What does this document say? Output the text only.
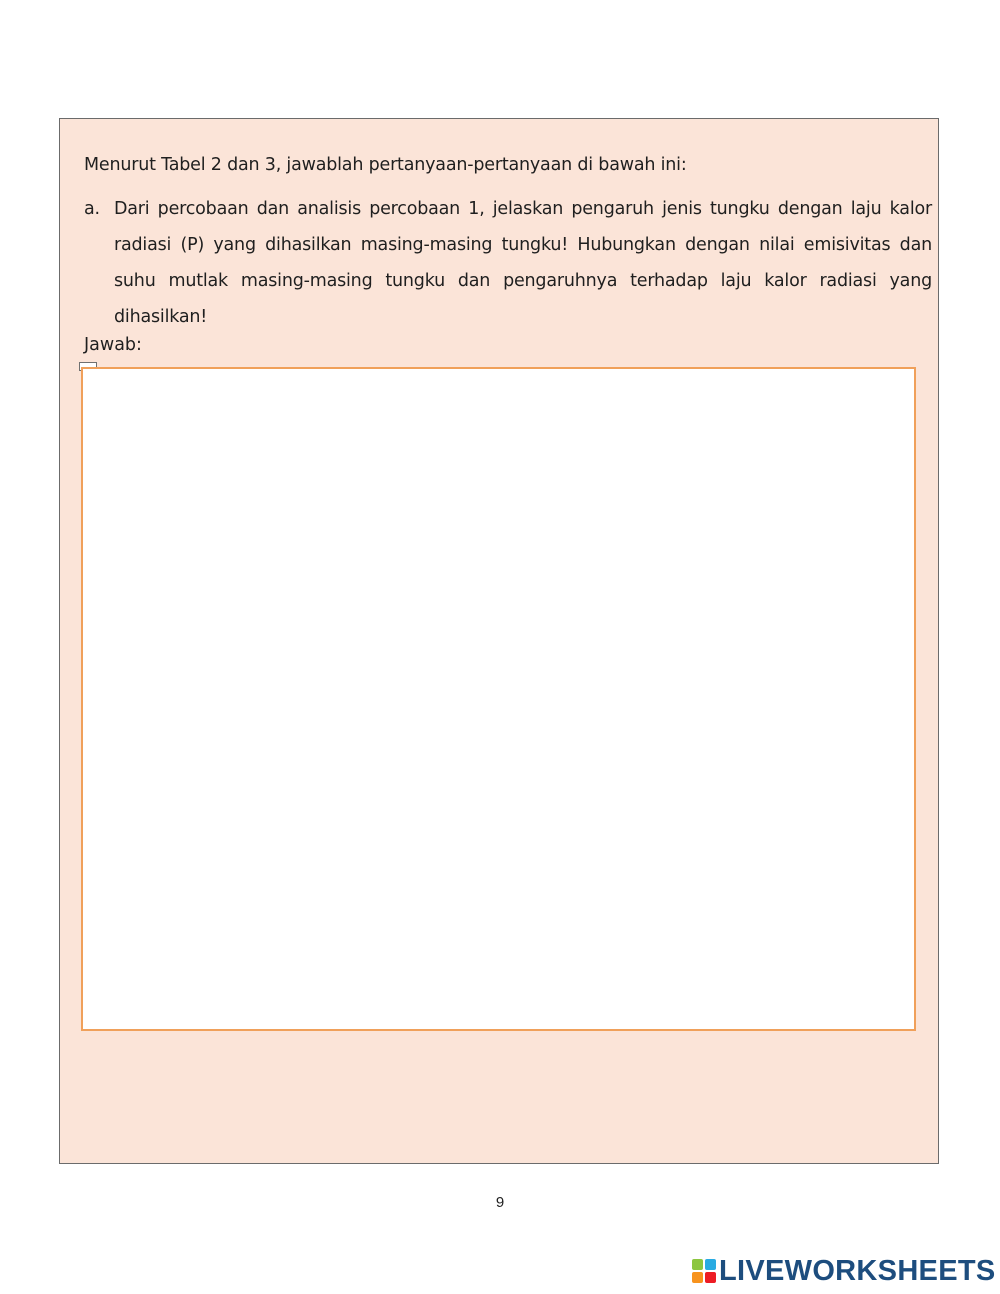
Menurut Tabel 2 dan 3, jawablah pertanyaan-pertanyaan di bawah ini:
a. Dari percobaan dan analisis percobaan 1, jelaskan pengaruh jenis tungku dengan laju kalor radiasi (P) yang dihasilkan masing-masing tungku! Hubungkan dengan nilai emisivitas dan suhu mutlak masing-masing tungku dan pengaruhnya terhadap laju kalor radiasi yang dihasilkan!
Jawab:
9
LIVEWORKSHEETS
